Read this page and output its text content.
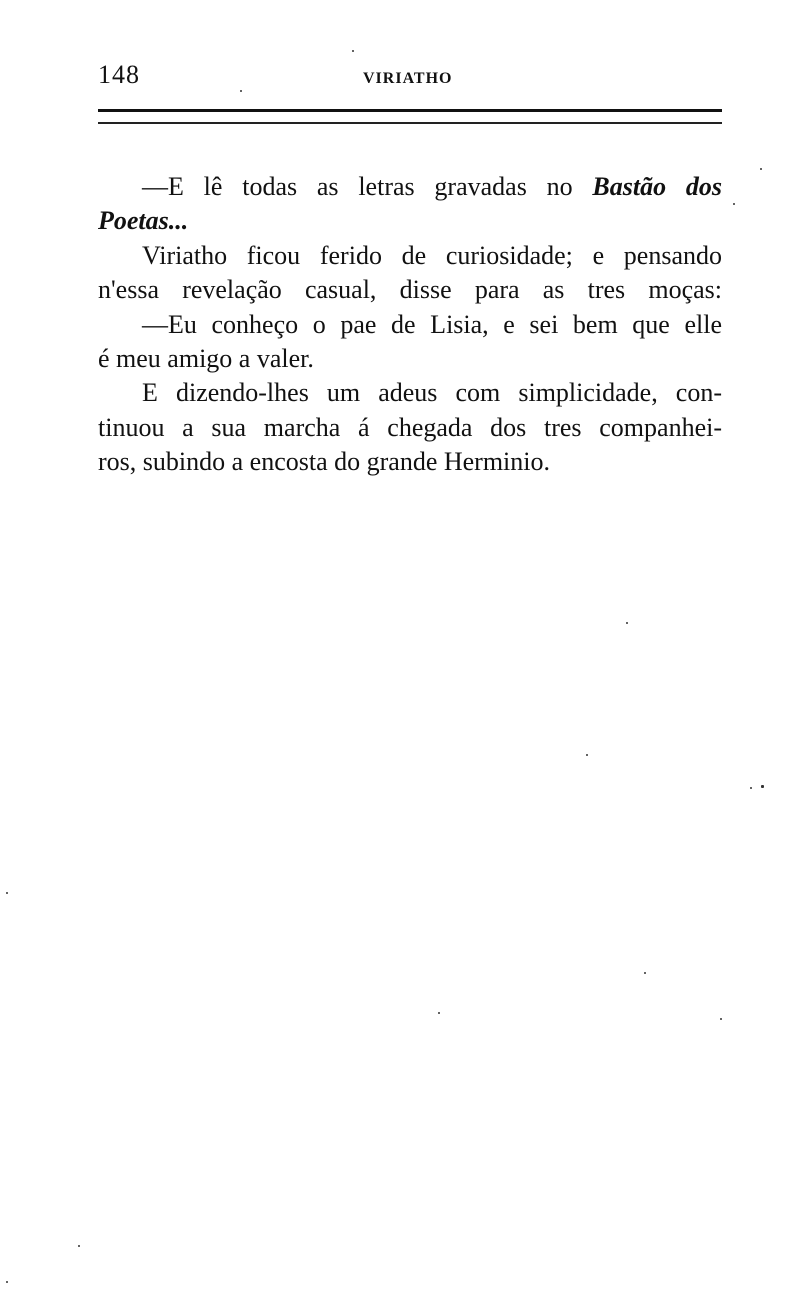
148	VIRIATHO
—E lê todas as letras gravadas no Bastão dos
Poetas...
Viriatho ficou ferido de curiosidade; e pensando
n'essa revelação casual, disse para as tres moças:
—Eu conheço o pae de Lisia, e sei bem que elle
é meu amigo a valer.
E dizendo-lhes um adeus com simplicidade, con-
tinuou a sua marcha á chegada dos tres companhei-
ros, subindo a encosta do grande Herminio.
